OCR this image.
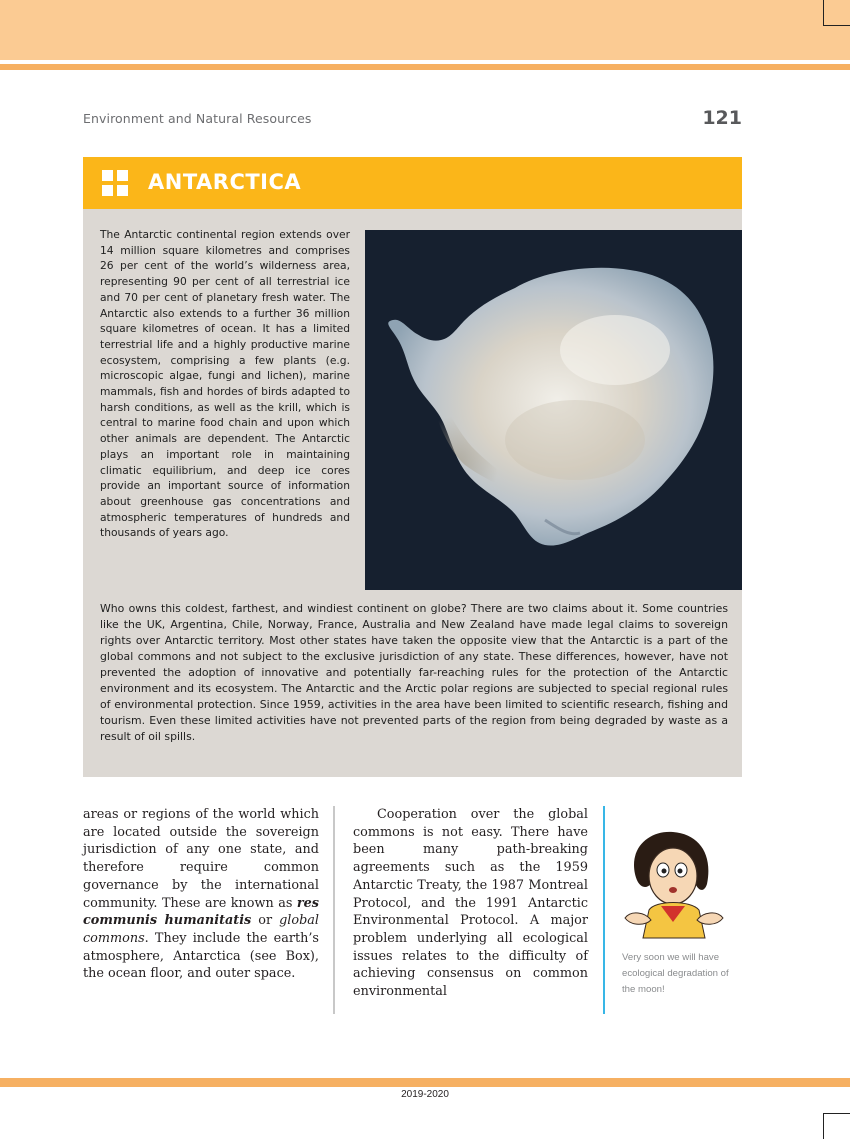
Environment and Natural Resources	121
ANTARCTICA

The Antarctic continental region extends over 14 million square kilometres and comprises 26 per cent of the world’s wilderness area, representing 90 per cent of all terrestrial ice and 70 per cent of planetary fresh water. The Antarctic also extends to a further 36 million square kilometres of ocean. It has a limited terrestrial life and a highly productive marine ecosystem, comprising a few plants (e.g. microscopic algae, fungi and lichen), marine mammals, fish and hordes of birds adapted to harsh conditions, as well as the krill, which is central to marine food chain and upon which other animals are dependent. The Antarctic plays an important role in maintaining climatic equilibrium, and deep ice cores provide an important source of information about greenhouse gas concentrations and atmospheric temperatures of hundreds and thousands of years ago.

Who owns this coldest, farthest, and windiest continent on globe? There are two claims about it. Some countries like the UK, Argentina, Chile, Norway, France, Australia and New Zealand have made legal claims to sovereign rights over Antarctic territory. Most other states have taken the opposite view that the Antarctic is a part of the global commons and not subject to the exclusive jurisdiction of any state. These differences, however, have not prevented the adoption of innovative and potentially far-reaching rules for the protection of the Antarctic environment and its ecosystem. The Antarctic and the Arctic polar regions are subjected to special regional rules of environmental protection. Since 1959, activities in the area have been limited to scientific research, fishing and tourism. Even these limited activities have not prevented parts of the region from being degraded by waste as a result of oil spills.

areas or regions of the world which are located outside the sovereign jurisdiction of any one state, and therefore require common governance by the international community. These are known as res communis humanitatis or global commons. They include the earth’s atmosphere, Antarctica (see Box), the ocean floor, and outer space.

Cooperation over the global commons is not easy. There have been many path-breaking agreements such as the 1959 Antarctic Treaty, the 1987 Montreal Protocol, and the 1991 Antarctic Environmental Protocol. A major problem underlying all ecological issues relates to the difficulty of achieving consensus on common environmental

Very soon we will have ecological degradation of the moon!

2019-2020
